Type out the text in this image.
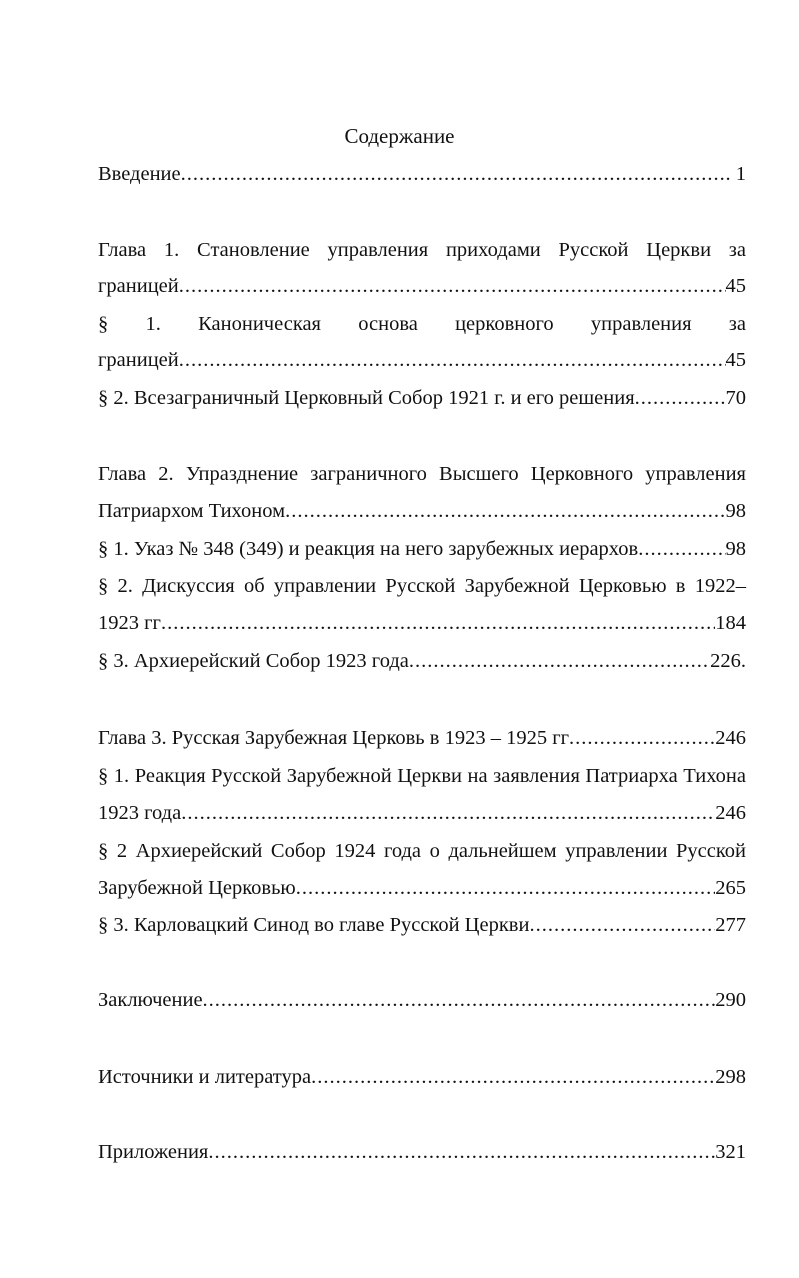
Содержание
Введение .....	. 1
Глава 1. Становление управления приходами Русской Церкви за
границей .....	45
§ 1. Каноническая основа церковного управления за
границей .....	45
§ 2. Всезаграничный Церковный Собор 1921 г. и его решения .....	70
Глава 2. Упразднение заграничного Высшего Церковного управления
Патриархом Тихоном .....	98
§ 1. Указ № 348 (349) и реакция на него зарубежных иерархов .....	98
§ 2. Дискуссия об управлении Русской Зарубежной Церковью в 1922–
1923 гг .....	184
§ 3. Архиерейский Собор 1923 года .....	226.
Глава 3. Русская Зарубежная Церковь в 1923 – 1925 гг .....	246
§ 1. Реакция Русской Зарубежной Церкви на заявления Патриарха Тихона
1923 года .....	246
§ 2 Архиерейский Собор 1924 года о дальнейшем управлении Русской
Зарубежной Церковью .....	265
§ 3. Карловацкий Синод во главе Русской Церкви .....	277
Заключение .....	290
Источники и литература .....	298
Приложения .....	321
